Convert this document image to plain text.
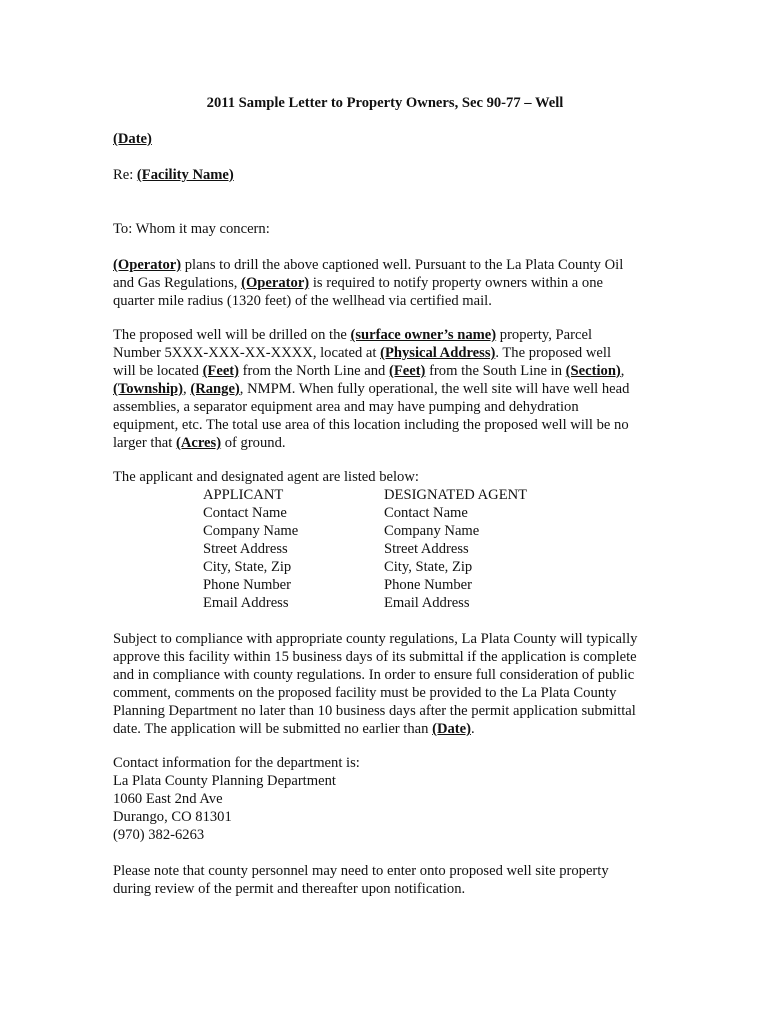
2011 Sample Letter to Property Owners, Sec 90-77 – Well
(Date)
Re: (Facility Name)
To: Whom it may concern:
(Operator) plans to drill the above captioned well. Pursuant to the La Plata County Oil
and Gas Regulations, (Operator) is required to notify property owners within a one
quarter mile radius (1320 feet) of the wellhead via certified mail.
The proposed well will be drilled on the (surface owner’s name) property, Parcel
Number 5XXX-XXX-XX-XXXX, located at (Physical Address). The proposed well
will be located (Feet) from the North Line and (Feet) from the South Line in (Section),
(Township), (Range), NMPM. When fully operational, the well site will have well head
assemblies, a separator equipment area and may have pumping and dehydration
equipment, etc. The total use area of this location including the proposed well will be no
larger that (Acres) of ground.
The applicant and designated agent are listed below:
APPLICANT	DESIGNATED AGENT
Contact Name	Contact Name
Company Name	Company Name
Street Address	Street Address
City, State, Zip	City, State, Zip
Phone Number	Phone Number
Email Address	Email Address
Subject to compliance with appropriate county regulations, La Plata County will typically
approve this facility within 15 business days of its submittal if the application is complete
and in compliance with county regulations. In order to ensure full consideration of public
comment, comments on the proposed facility must be provided to the La Plata County
Planning Department no later than 10 business days after the permit application submittal
date. The application will be submitted no earlier than (Date).
Contact information for the department is:
La Plata County Planning Department
1060 East 2nd Ave
Durango, CO 81301
(970) 382-6263
Please note that county personnel may need to enter onto proposed well site property
during review of the permit and thereafter upon notification.
